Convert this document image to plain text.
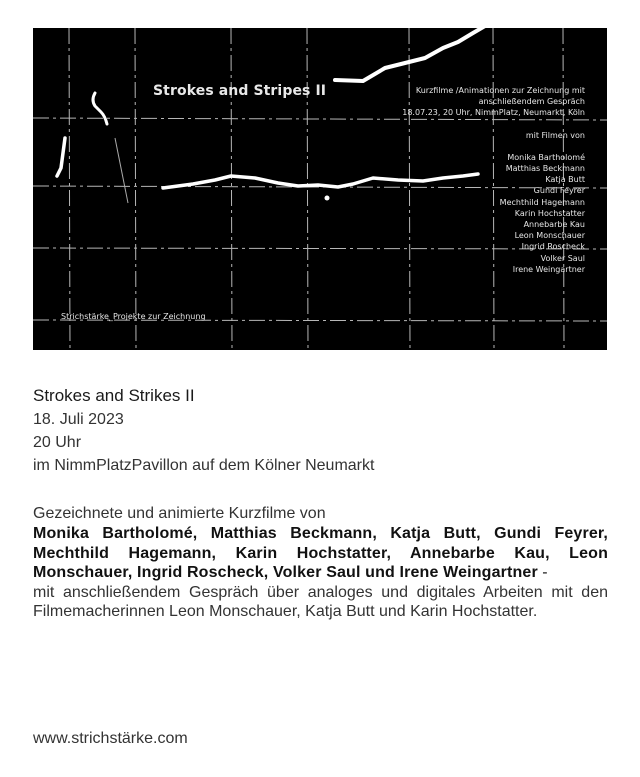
Strokes and Stripes II	Kurzfilme /Animationen zur Zeichnung mit
anschließendem Gespräch
18.07.23, 20 Uhr, NimmPlatz, Neumarkt, Köln
mit Filmen von
Monika Bartholomé
Matthias Beckmann
Katja Butt
Gundi Feyrer
Mechthild Hagemann
Karin Hochstatter
Annebarbe Kau
Leon Monschauer
Ingrid Roscheck
Volker Saul
Irene Weingartner
Strichstärke_Projekte zur Zeichnung
Strokes and Strikes II
18. Juli 2023
20 Uhr
im NimmPlatzPavillon auf dem Kölner Neumarkt
Gezeichnete und animierte Kurzfilme von
Monika Bartholomé, Matthias Beckmann, Katja Butt, Gundi Feyrer, Mechthild Hagemann, Karin Hochstatter, Annebarbe Kau, Leon Monschauer, Ingrid Roscheck, Volker Saul und Irene Weingartner -
mit anschließendem Gespräch über analoges und digitales Arbeiten mit den Filmemacherinnen Leon Monschauer, Katja Butt und Karin Hochstatter.
www.strichstärke.com
